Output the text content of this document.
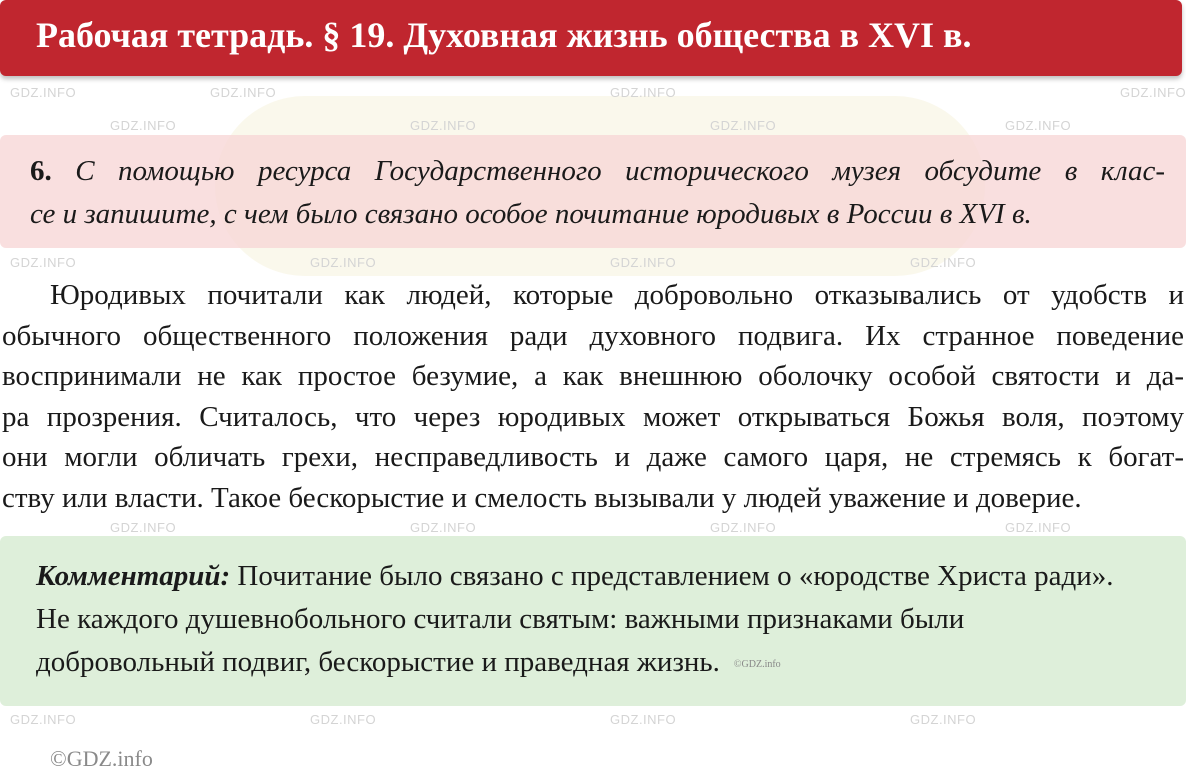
GDZ.INFO	GDZ.INFO	GDZ.INFO	GDZ.INFO
GDZ.INFO	GDZ.INFO	GDZ.INFO	GDZ.INFO
GDZ.INFO	GDZ.INFO	GDZ.INFO	GDZ.INFO
GDZ.INFO	GDZ.INFO	GDZ.INFO	GDZ.INFO
GDZ.INFO	GDZ.INFO	GDZ.INFO	GDZ.INFO
Рабочая тетрадь. § 19. Духовная жизнь общества в XVI в.
6. С помощью ресурса Государственного исторического музея обсудите в клас-
се и запишите, с чем было связано особое почитание юродивых в России в XVI в.
Юродивых почитали как людей, которые добровольно отказывались от удобств и
обычного общественного положения ради духовного подвига. Их странное поведение
воспринимали не как простое безумие, а как внешнюю оболочку особой святости и да-
ра прозрения. Считалось, что через юродивых может открываться Божья воля, поэтому
они могли обличать грехи, несправедливость и даже самого царя, не стремясь к богат-
ству или власти. Такое бескорыстие и смелость вызывали у людей уважение и доверие.
Комментарий: Почитание было связано с представлением о «юродстве Христа ради». Не каждого душевнобольного считали святым: важными признаками были добровольный подвиг, бескорыстие и праведная жизнь. ©GDZ.info
©GDZ.info
